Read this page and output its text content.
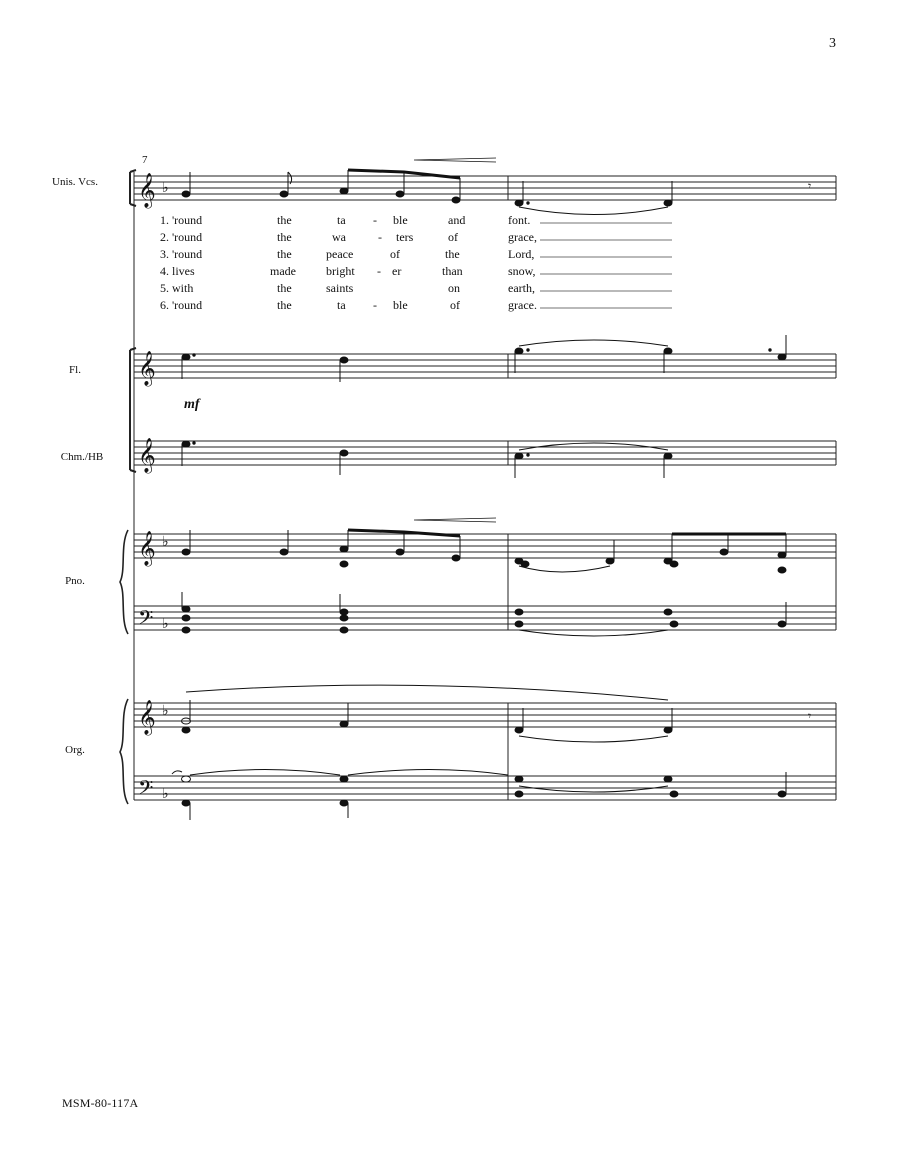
3
Unis. Vcs.
Fl.
Chm./HB
Pno.
Org.
7
𝄞
𝄞
𝄞
𝄞
𝄞
𝄢
𝄢
♭
♭
♭
♭
♭
𝄾
𝄾
mf
1. 'round	the	ta - ble	and	font.
2. 'round	the	wa	- ters	of	grace,
3. 'round	the	peace	of	the	Lord,
4. lives	made	bright - er	than	snow,
5. with	the	saints	on	earth,
6. 'round	the	ta - ble	of	grace.
MSM-80-117A
